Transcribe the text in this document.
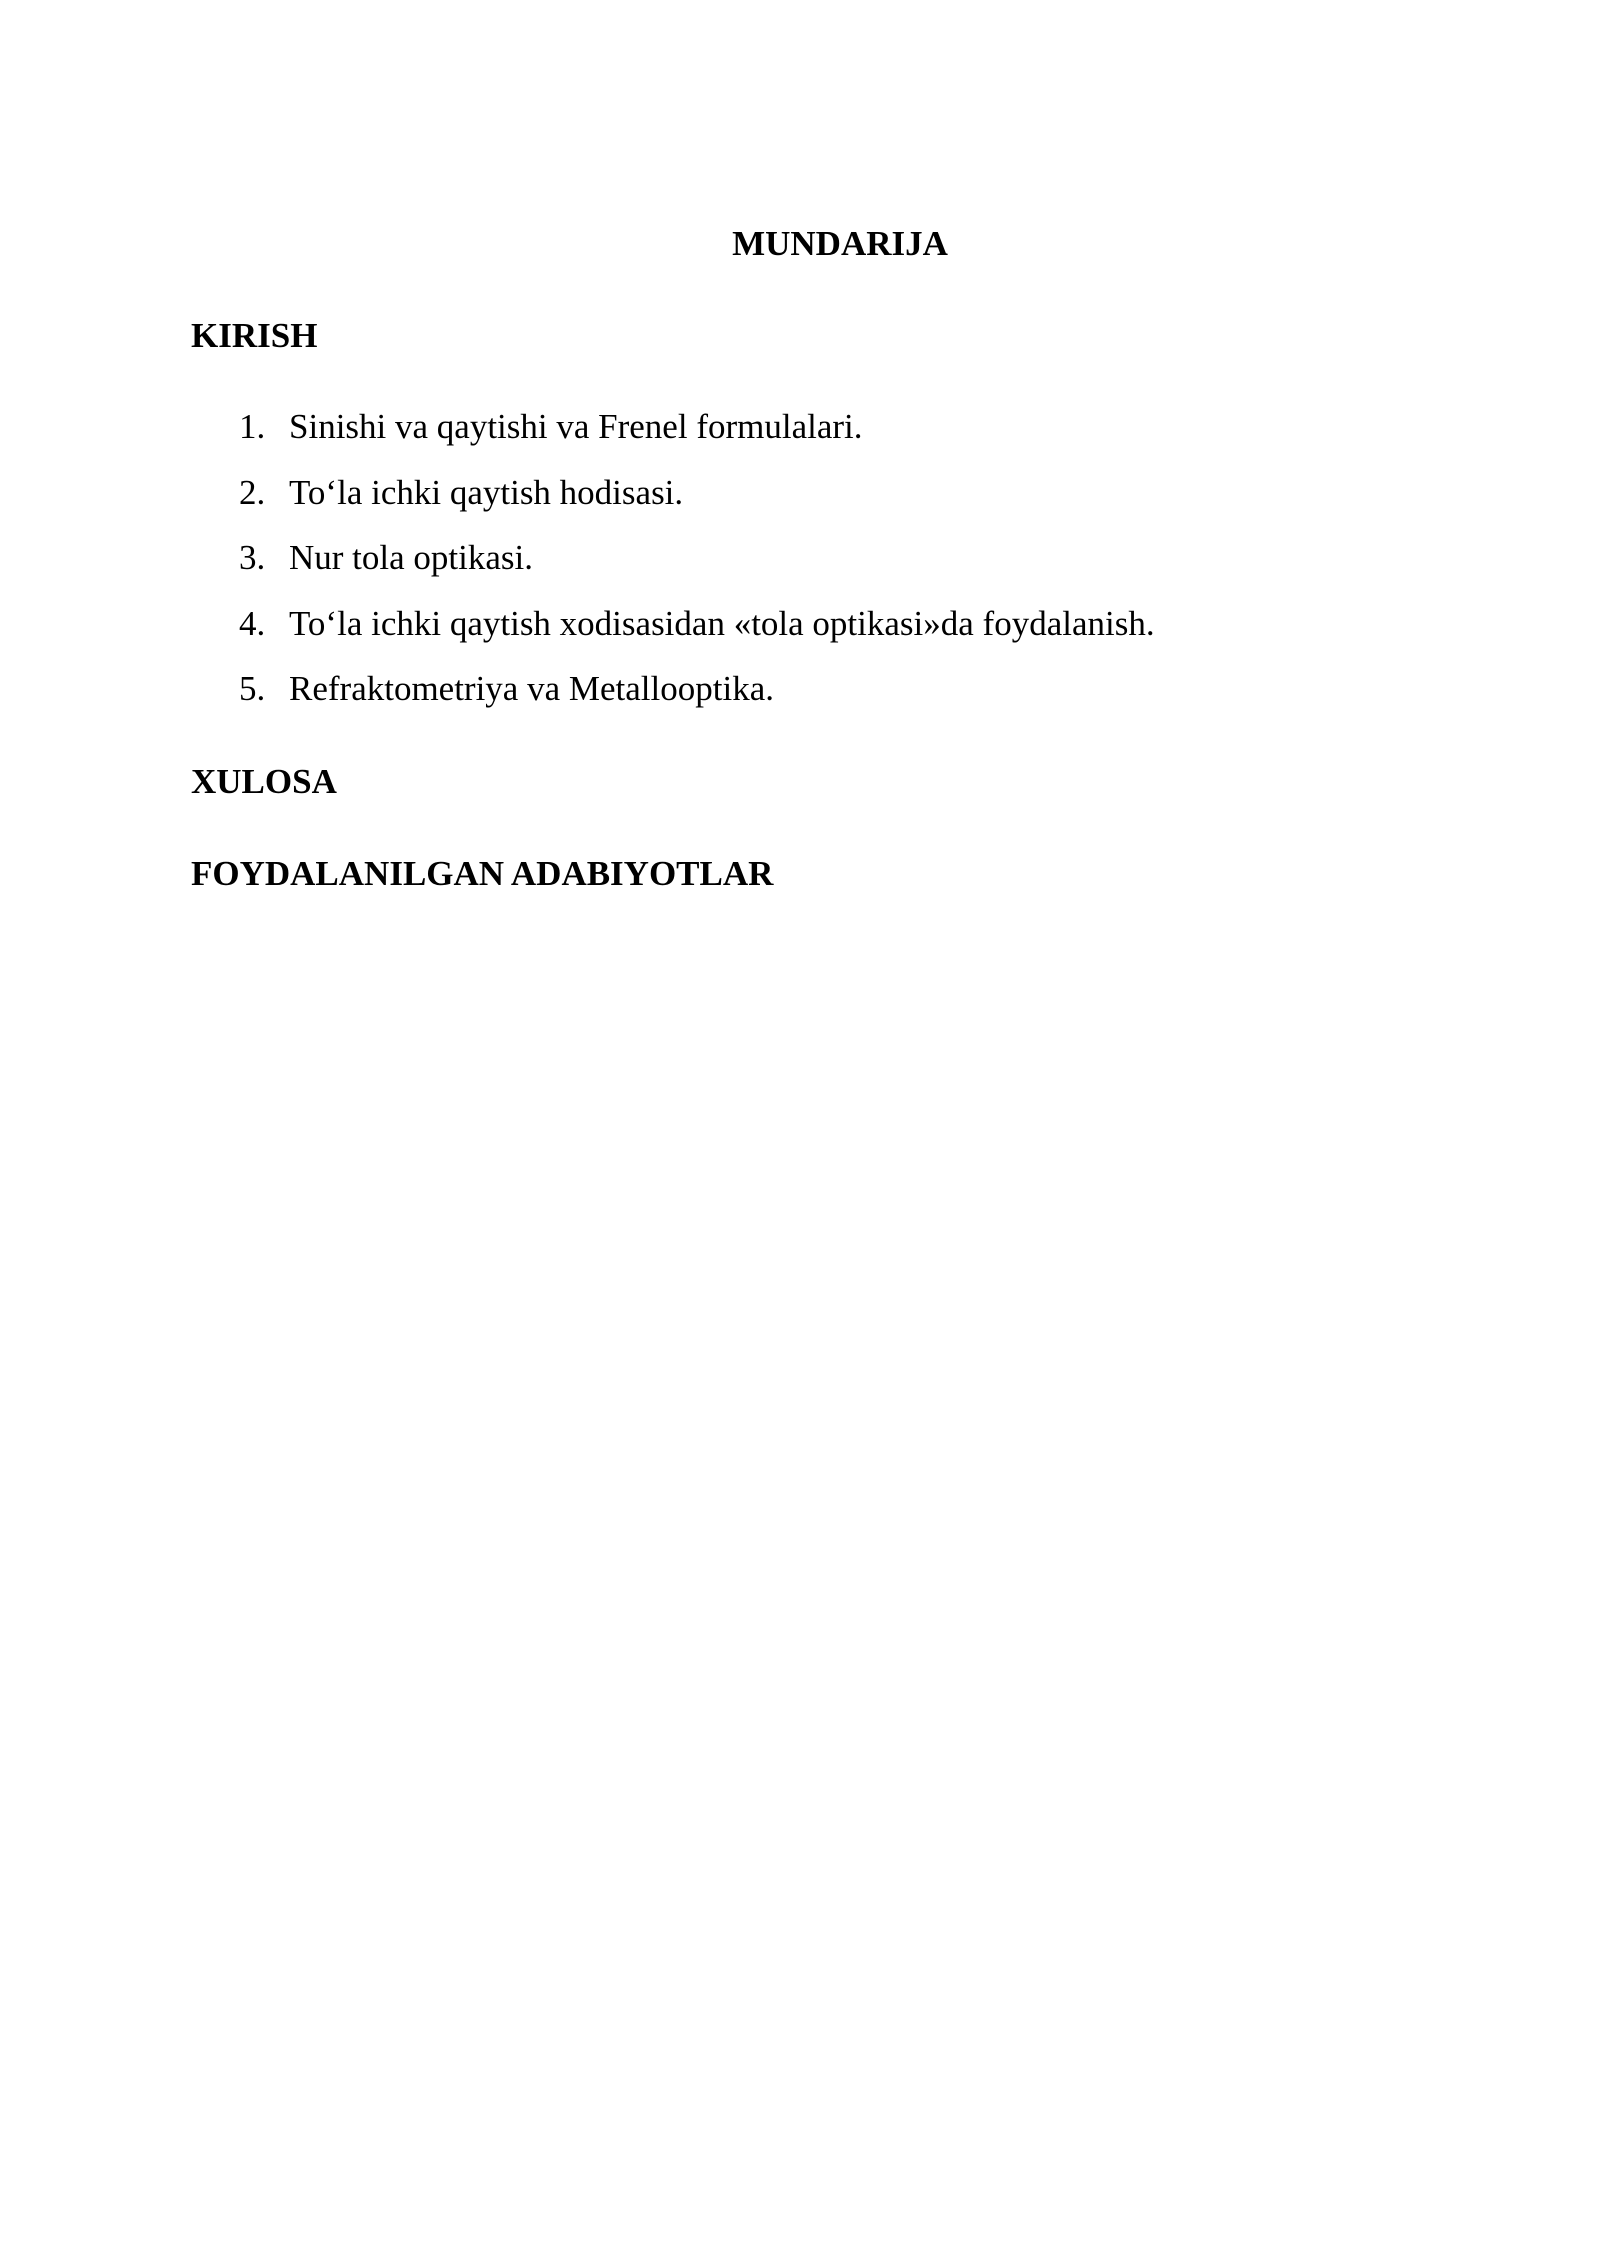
MUNDARIJA
KIRISH
1. Sinishi va qaytishi va Frenel formulalari.
2. To‘la ichki qaytish hodisasi.
3. Nur tola optikasi.
4. To‘la ichki qaytish xodisasidan «tola optikasi»da foydalanish.
5. Refraktometriya va Metallooptika.
XULOSA
FOYDALANILGAN ADABIYOTLAR
